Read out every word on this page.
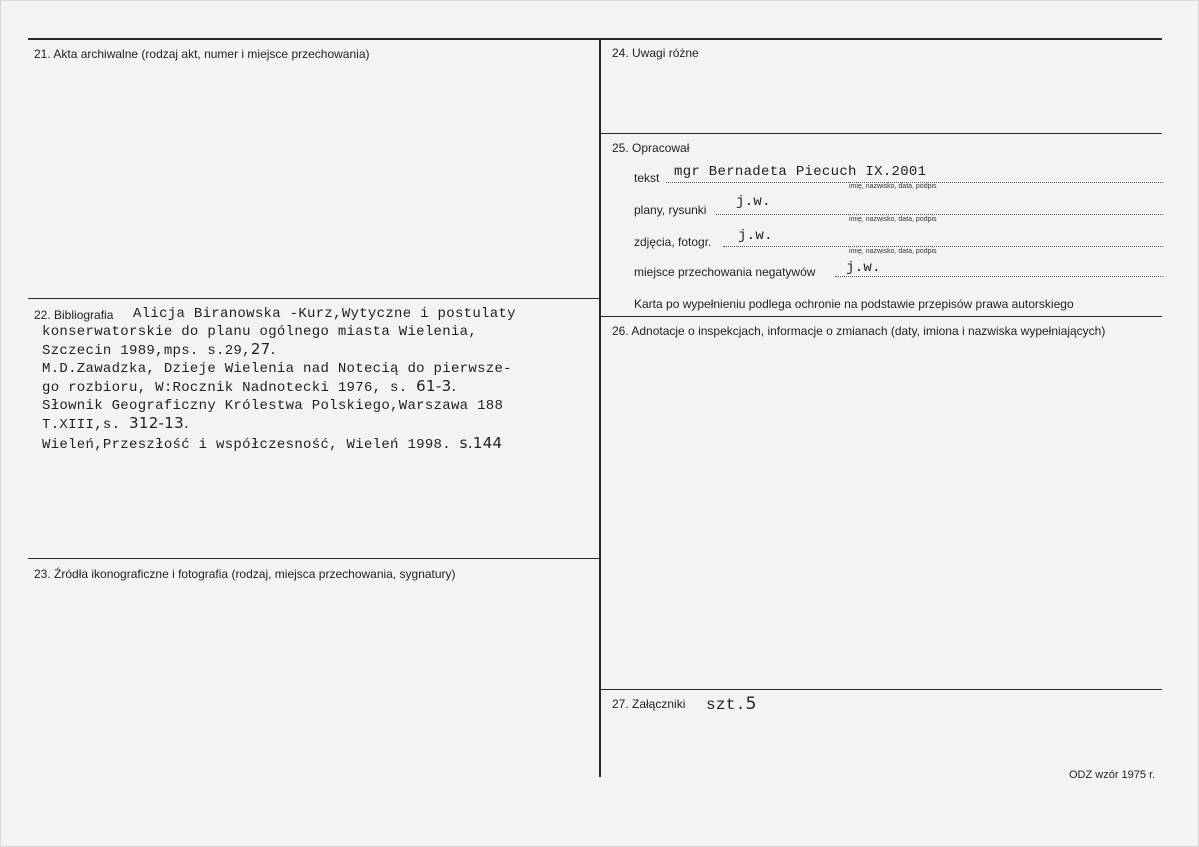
21. Akta archiwalne (rodzaj akt, numer i miejsce przechowania)	24. Uwagi różne
25. Opracował
22. Bibliografia
26. Adnotacje o inspekcjach, informacje o zmianach (daty, imiona i nazwiska wypełniających)
23. Źródła ikonograficzne i fotografia (rodzaj, miejsca przechowania, sygnatury)
27. Załączniki
tekst mgr Bernadeta Piecuch IX.2001
imię, nazwisko, data, podpis
plany, rysunki j.w.
imię, nazwisko, data, podpis
zdjęcia, fotogr. j.w.
imię, nazwisko, data, podpis
miejsce przechowania negatywów j.w.
Karta po wypełnieniu podlega ochronie na podstawie przepisów prawa autorskiego
Alicja Biranowska -Kurz,Wytyczne i postulaty
konserwatorskie do planu ogólnego miasta Wielenia,
Szczecin 1989,mps. s.29,27.
M.D.Zawadzka, Dzieje Wielenia nad Notecią do pierwsze-
go rozbioru, W:Rocznik Nadnotecki 1976, s. 61-3.
Słownik Geograficzny Królestwa Polskiego,Warszawa 188
T.XIII,s. 312-13.
Wieleń,Przeszłość i współczesność, Wieleń 1998. s.144
szt.5
ODZ wzór 1975 r.
